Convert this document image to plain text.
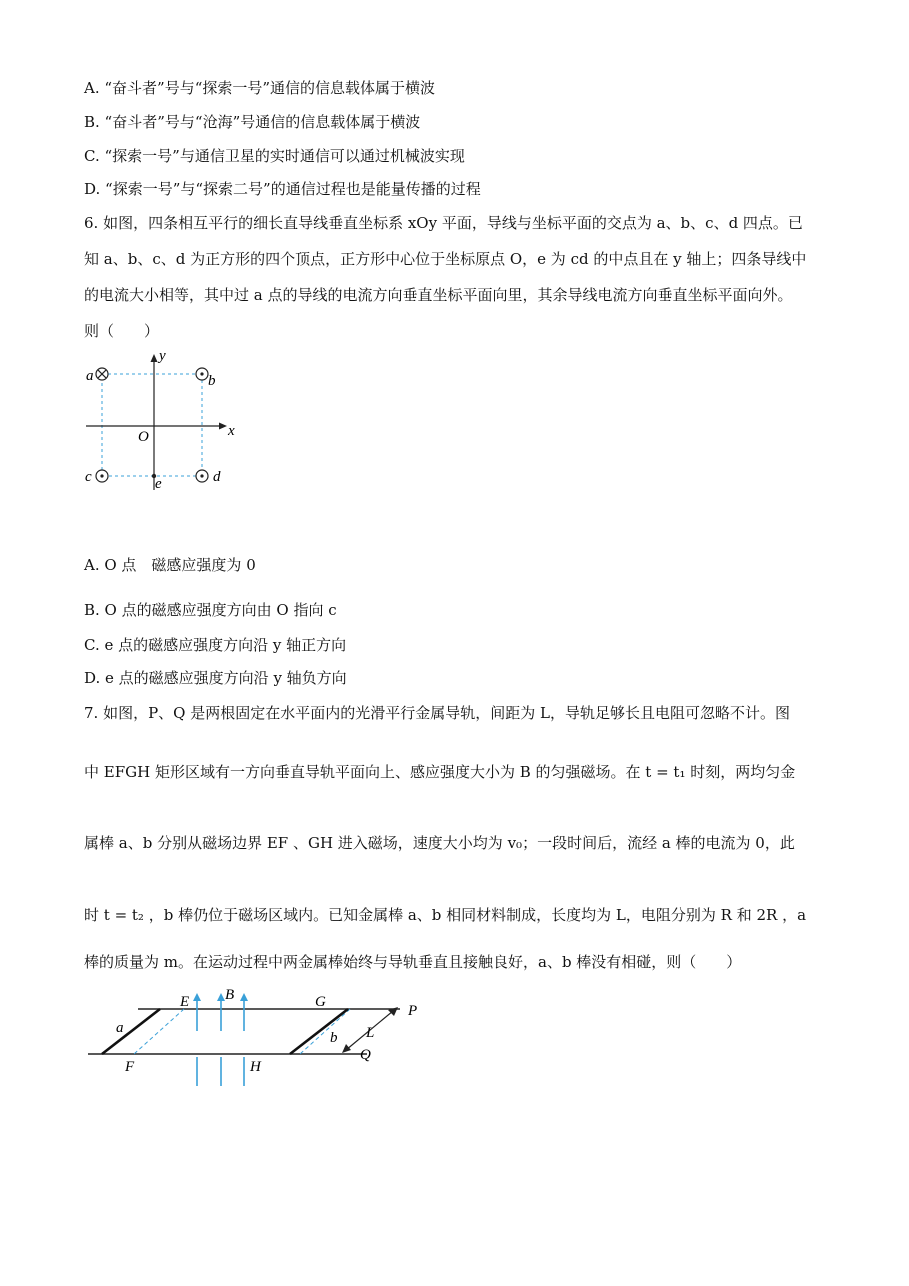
A. “奋斗者”号与“探索一号”通信的信息载体属于横波
B. “奋斗者”号与“沧海”号通信的信息载体属于横波
C. “探索一号”与通信卫星的实时通信可以通过机械波实现
D. “探索一号”与“探索二号”的通信过程也是能量传播的过程
6. 如图，四条相互平行的细长直导线垂直坐标系 xOy 平面，导线与坐标平面的交点为 a、b、c、d 四点。已
知 a、b、c、d 为正方形的四个顶点，正方形中心位于坐标原点 O，e 为 cd 的中点且在 y 轴上；四条导线中
的电流大小相等，其中过 a 点的导线的电流方向垂直坐标平面向里，其余导线电流方向垂直坐标平面向外。
则（　　）
a	b
c	d
e
O	x
y
A. O 点　磁感应强度为 0
B. O 点的磁感应强度方向由 O 指向 c
C. e 点的磁感应强度方向沿 y 轴正方向
D. e 点的磁感应强度方向沿 y 轴负方向
7. 如图，P、Q 是两根固定在水平面内的光滑平行金属导轨，间距为 L，导轨足够长且电阻可忽略不计。图
中 EFGH 矩形区域有一方向垂直导轨平面向上、感应强度大小为 B 的匀强磁场。在 t = t₁ 时刻，两均匀金
属棒 a、b 分别从磁场边界 EF 、GH 进入磁场，速度大小均为 v₀；一段时间后，流经 a 棒的电流为 0，此
时 t = t₂ ，b 棒仍位于磁场区域内。已知金属棒 a、b 相同材料制成，长度均为 L，电阻分别为 R 和 2R ，a
棒的质量为 m。在运动过程中两金属棒始终与导轨垂直且接触良好，a、b 棒没有相碰，则（　　）
E B	G
P
a
b L
F	H
Q
